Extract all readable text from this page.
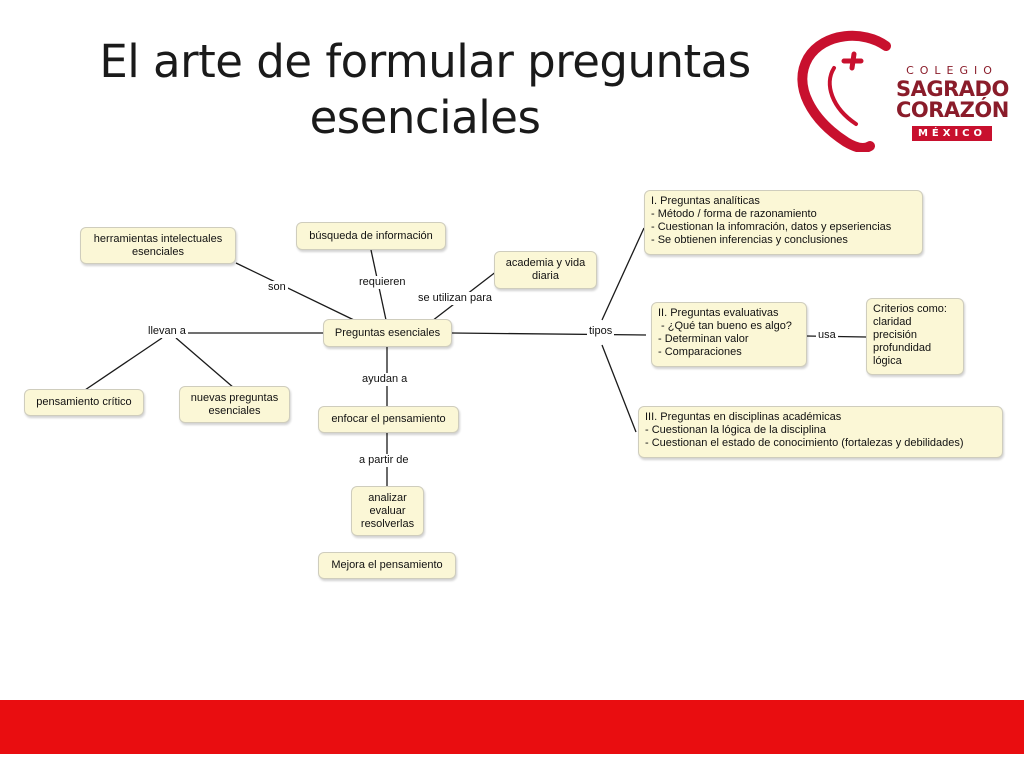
El arte de formular preguntas
esenciales
COLEGIO
SAGRADO
CORAZÓN
MÉXICO
son	requieren
se utilizan para
llevan a	tipos	usa
ayudan a
a partir de
herramientas intelectuales
esenciales
búsqueda de información
academia y vida
diaria
Preguntas esenciales
pensamiento crítico	nuevas preguntas
esenciales
enfocar el pensamiento
analizar
evaluar
resolverlas
Mejora el pensamiento
I. Preguntas analíticas
- Método / forma de razonamiento
- Cuestionan la infomración, datos y epseriencias
- Se obtienen inferencias y conclusiones
II. Preguntas evaluativas
- ¿Qué tan bueno es algo?
- Determinan valor
- Comparaciones
Criterios como:
claridad
precisión
profundidad
lógica
III. Preguntas en disciplinas académicas
- Cuestionan la lógica de la disciplina
- Cuestionan el estado de conocimiento (fortalezas y debilidades)
